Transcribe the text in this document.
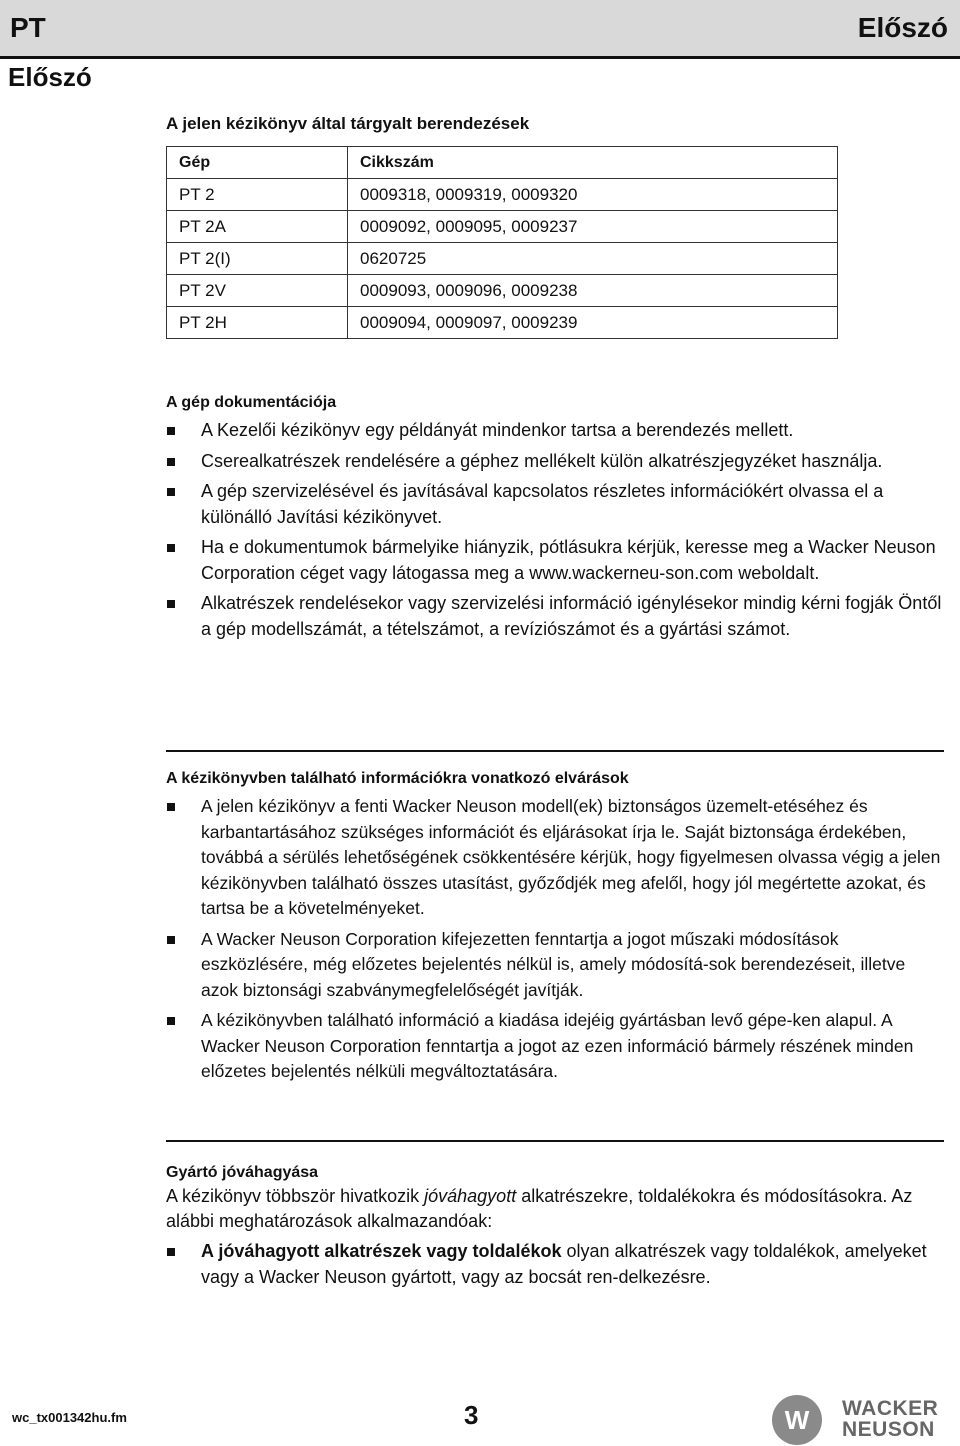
PT	Előszó
Előszó
A jelen kézikönyv által tárgyalt berendezések
Gép	Cikkszám
PT 2	0009318, 0009319, 0009320
PT 2A	0009092, 0009095, 0009237
PT 2(I)	0620725
PT 2V	0009093, 0009096, 0009238
PT 2H	0009094, 0009097, 0009239
A gép dokumentációja
A Kezelői kézikönyv egy példányát mindenkor tartsa a berendezés mellett.
Cserealkatrészek rendelésére a géphez mellékelt külön alkatrészjegyzéket használja.
A gép szervizelésével és javításával kapcsolatos részletes információkért olvassa el a különálló Javítási kézikönyvet.
Ha e dokumentumok bármelyike hiányzik, pótlásukra kérjük, keresse meg a Wacker Neuson Corporation céget vagy látogassa meg a www.wackerneu-son.com weboldalt.
Alkatrészek rendelésekor vagy szervizelési információ igénylésekor mindig kérni fogják Öntől a gép modellszámát, a tételszámot, a revíziószámot és a gyártási számot.
A kézikönyvben található információkra vonatkozó elvárások
A jelen kézikönyv a fenti Wacker Neuson modell(ek) biztonságos üzemelt-etéséhez és karbantartásához szükséges információt és eljárásokat írja le. Saját biztonsága érdekében, továbbá a sérülés lehetőségének csökkentésére kérjük, hogy figyelmesen olvassa végig a jelen kézikönyvben található összes utasítást, győződjék meg afelől, hogy jól megértette azokat, és tartsa be a követelményeket.
A Wacker Neuson Corporation kifejezetten fenntartja a jogot műszaki módosítások eszközlésére, még előzetes bejelentés nélkül is, amely módosítá-sok berendezéseit, illetve azok biztonsági szabványmegfelelőségét javítják.
A kézikönyvben található információ a kiadása idejéig gyártásban levő gépe-ken alapul. A Wacker Neuson Corporation fenntartja a jogot az ezen információ bármely részének minden előzetes bejelentés nélküli megváltoztatására.
Gyártó jóváhagyása

A kézikönyv többször hivatkozik jóváhagyott alkatrészekre, toldalékokra és módosításokra. Az alábbi meghatározások alkalmazandóak:

A jóváhagyott alkatrészek vagy toldalékok olyan alkatrészek vagy toldalékok, amelyeket vagy a Wacker Neuson gyártott, vagy az bocsát ren-delkezésre.
wc_tx001342hu.fm	3	W	WACKER
NEUSON
